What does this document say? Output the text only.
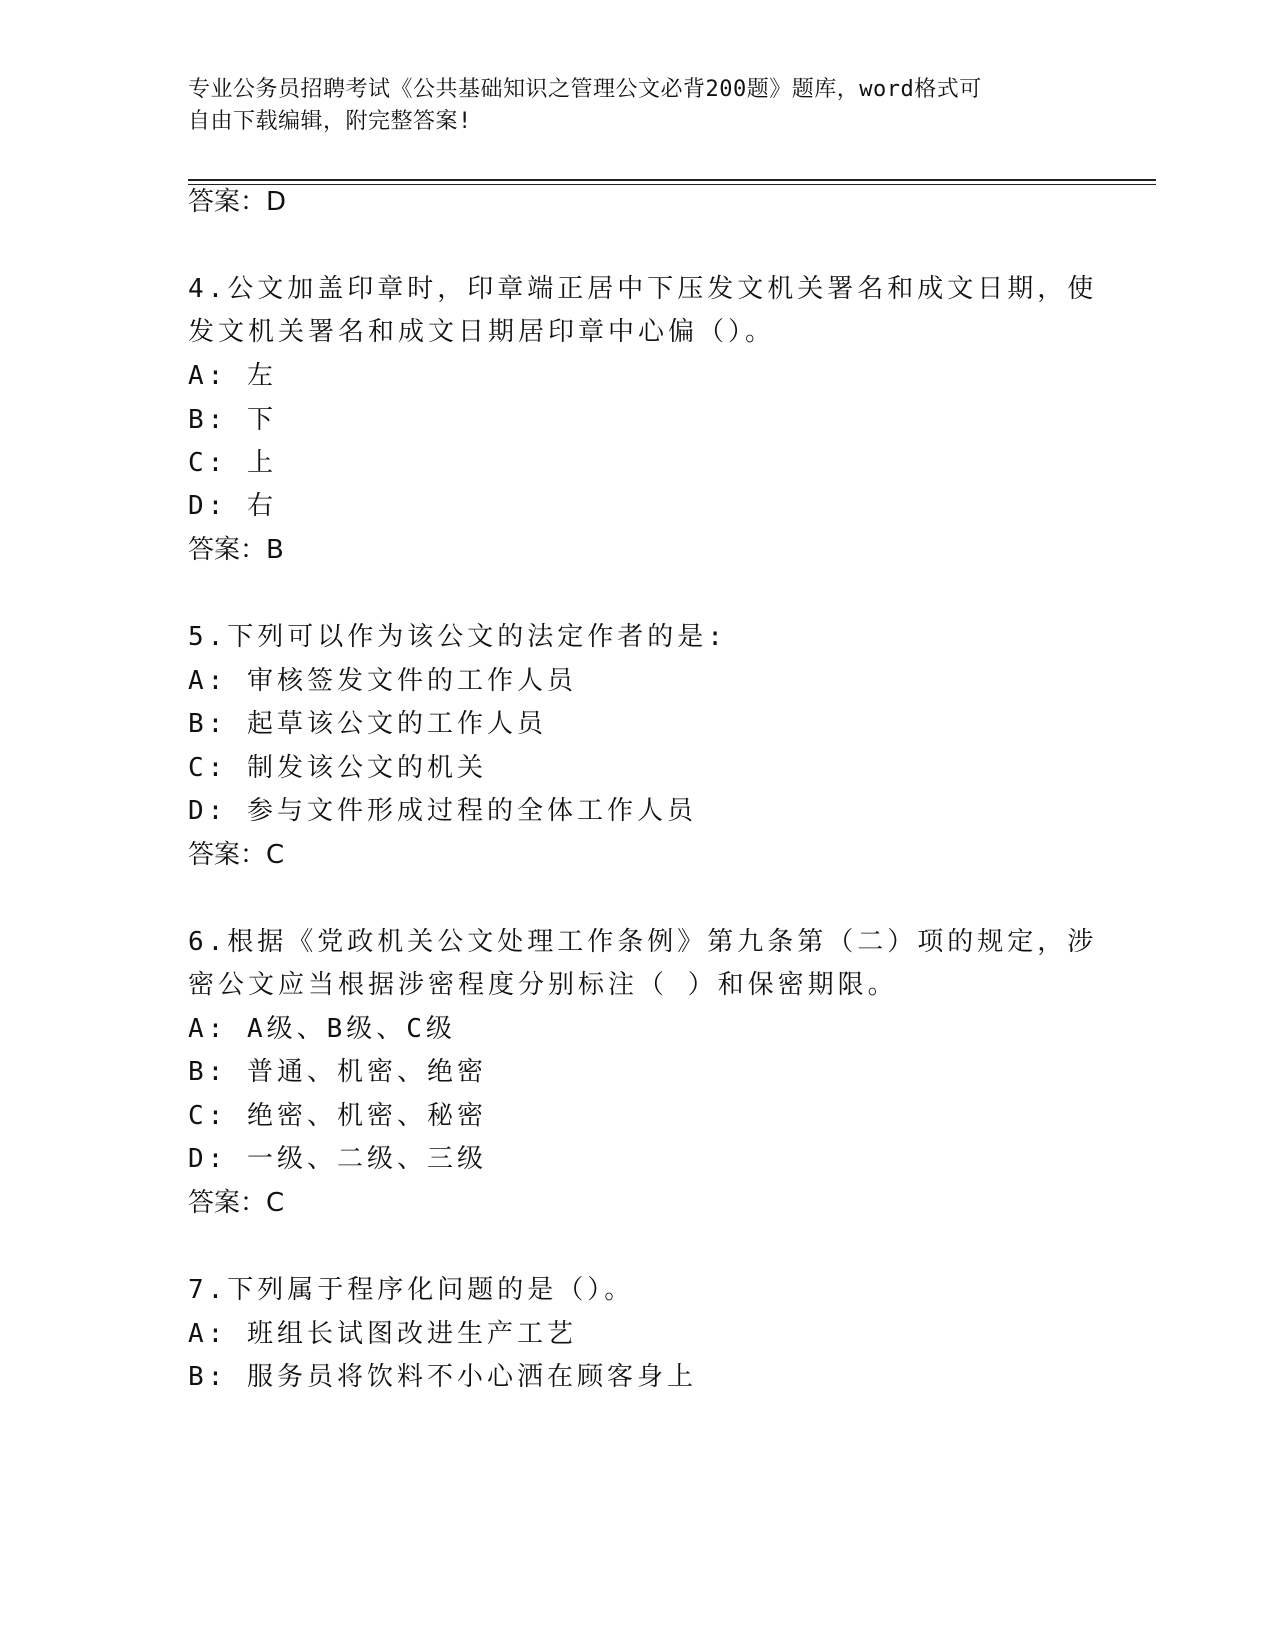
专业公务员招聘考试《公共基础知识之管理公文必背200题》题库，word格式可
自由下载编辑，附完整答案!
答案：D
4.公文加盖印章时，印章端正居中下压发文机关署名和成文日期，使
发文机关署名和成文日期居印章中心偏（）。
A: 左
B: 下
C: 上
D: 右
答案：B
5.下列可以作为该公文的法定作者的是:
A: 审核签发文件的工作人员
B: 起草该公文的工作人员
C: 制发该公文的机关
D: 参与文件形成过程的全体工作人员
答案：C
6.根据《党政机关公文处理工作条例》第九条第（二）项的规定，涉
密公文应当根据涉密程度分别标注（ ）和保密期限。
A: A级、B级、C级
B: 普通、机密、绝密
C: 绝密、机密、秘密
D: 一级、二级、三级
答案：C
7.下列属于程序化问题的是（）。
A: 班组长试图改进生产工艺
B: 服务员将饮料不小心洒在顾客身上
